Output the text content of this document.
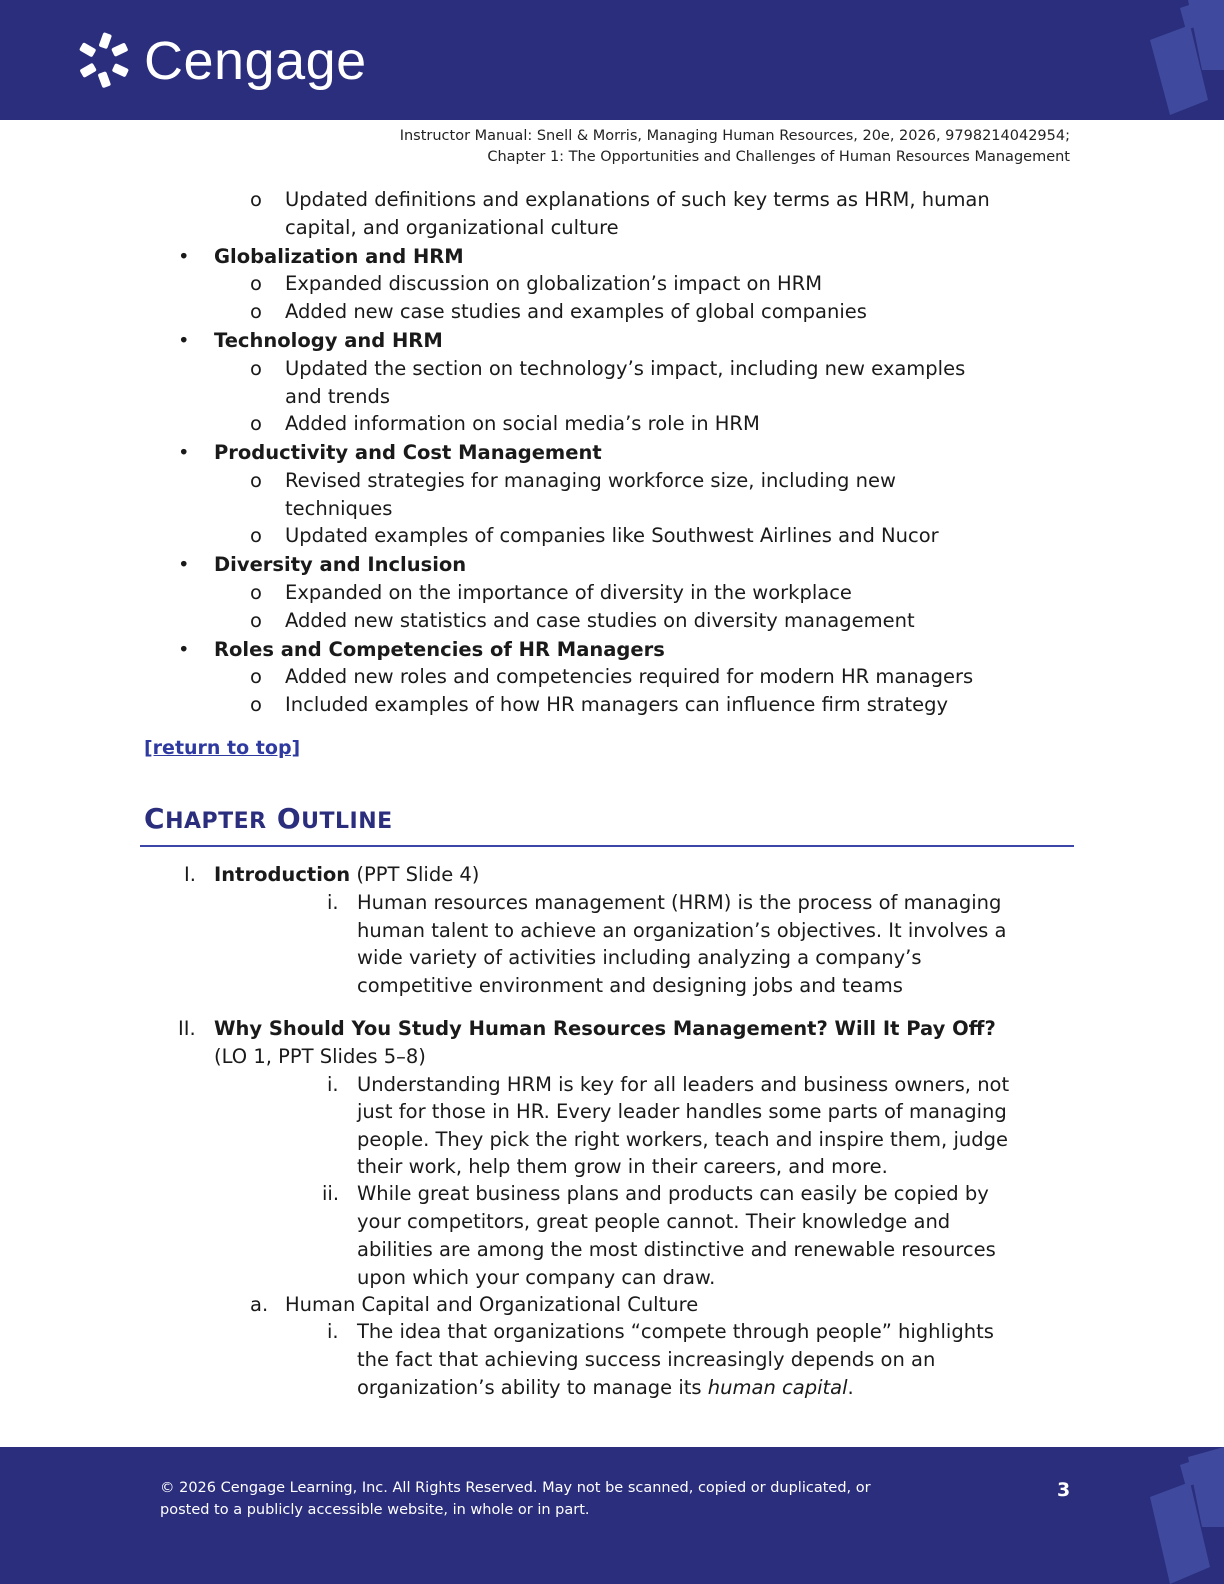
Cengage
Instructor Manual: Snell & Morris, Managing Human Resources, 20e, 2026, 9798214042954;
Chapter 1: The Opportunities and Challenges of Human Resources Management
o Updated definitions and explanations of such key terms as HRM, human
capital, and organizational culture
• Globalization and HRM
o Expanded discussion on globalization’s impact on HRM
o Added new case studies and examples of global companies
• Technology and HRM
o Updated the section on technology’s impact, including new examples
and trends
o Added information on social media’s role in HRM
• Productivity and Cost Management
o Revised strategies for managing workforce size, including new
techniques
o Updated examples of companies like Southwest Airlines and Nucor
• Diversity and Inclusion
o Expanded on the importance of diversity in the workplace
o Added new statistics and case studies on diversity management
• Roles and Competencies of HR Managers
o Added new roles and competencies required for modern HR managers
o Included examples of how HR managers can influence firm strategy
[return to top]
CHAPTER OUTLINE
I. Introduction (PPT Slide 4)
i. Human resources management (HRM) is the process of managing
human talent to achieve an organization’s objectives. It involves a
wide variety of activities including analyzing a company’s
competitive environment and designing jobs and teams
II. Why Should You Study Human Resources Management? Will It Pay Off?
(LO 1, PPT Slides 5–8)
i. Understanding HRM is key for all leaders and business owners, not
just for those in HR. Every leader handles some parts of managing
people. They pick the right workers, teach and inspire them, judge
their work, help them grow in their careers, and more.
ii. While great business plans and products can easily be copied by
your competitors, great people cannot. Their knowledge and
abilities are among the most distinctive and renewable resources
upon which your company can draw.
a. Human Capital and Organizational Culture
i. The idea that organizations “compete through people” highlights
the fact that achieving success increasingly depends on an
organization’s ability to manage its human capital.
© 2026 Cengage Learning, Inc. All Rights Reserved. May not be scanned, copied or duplicated, or
posted to a publicly accessible website, in whole or in part.
3
